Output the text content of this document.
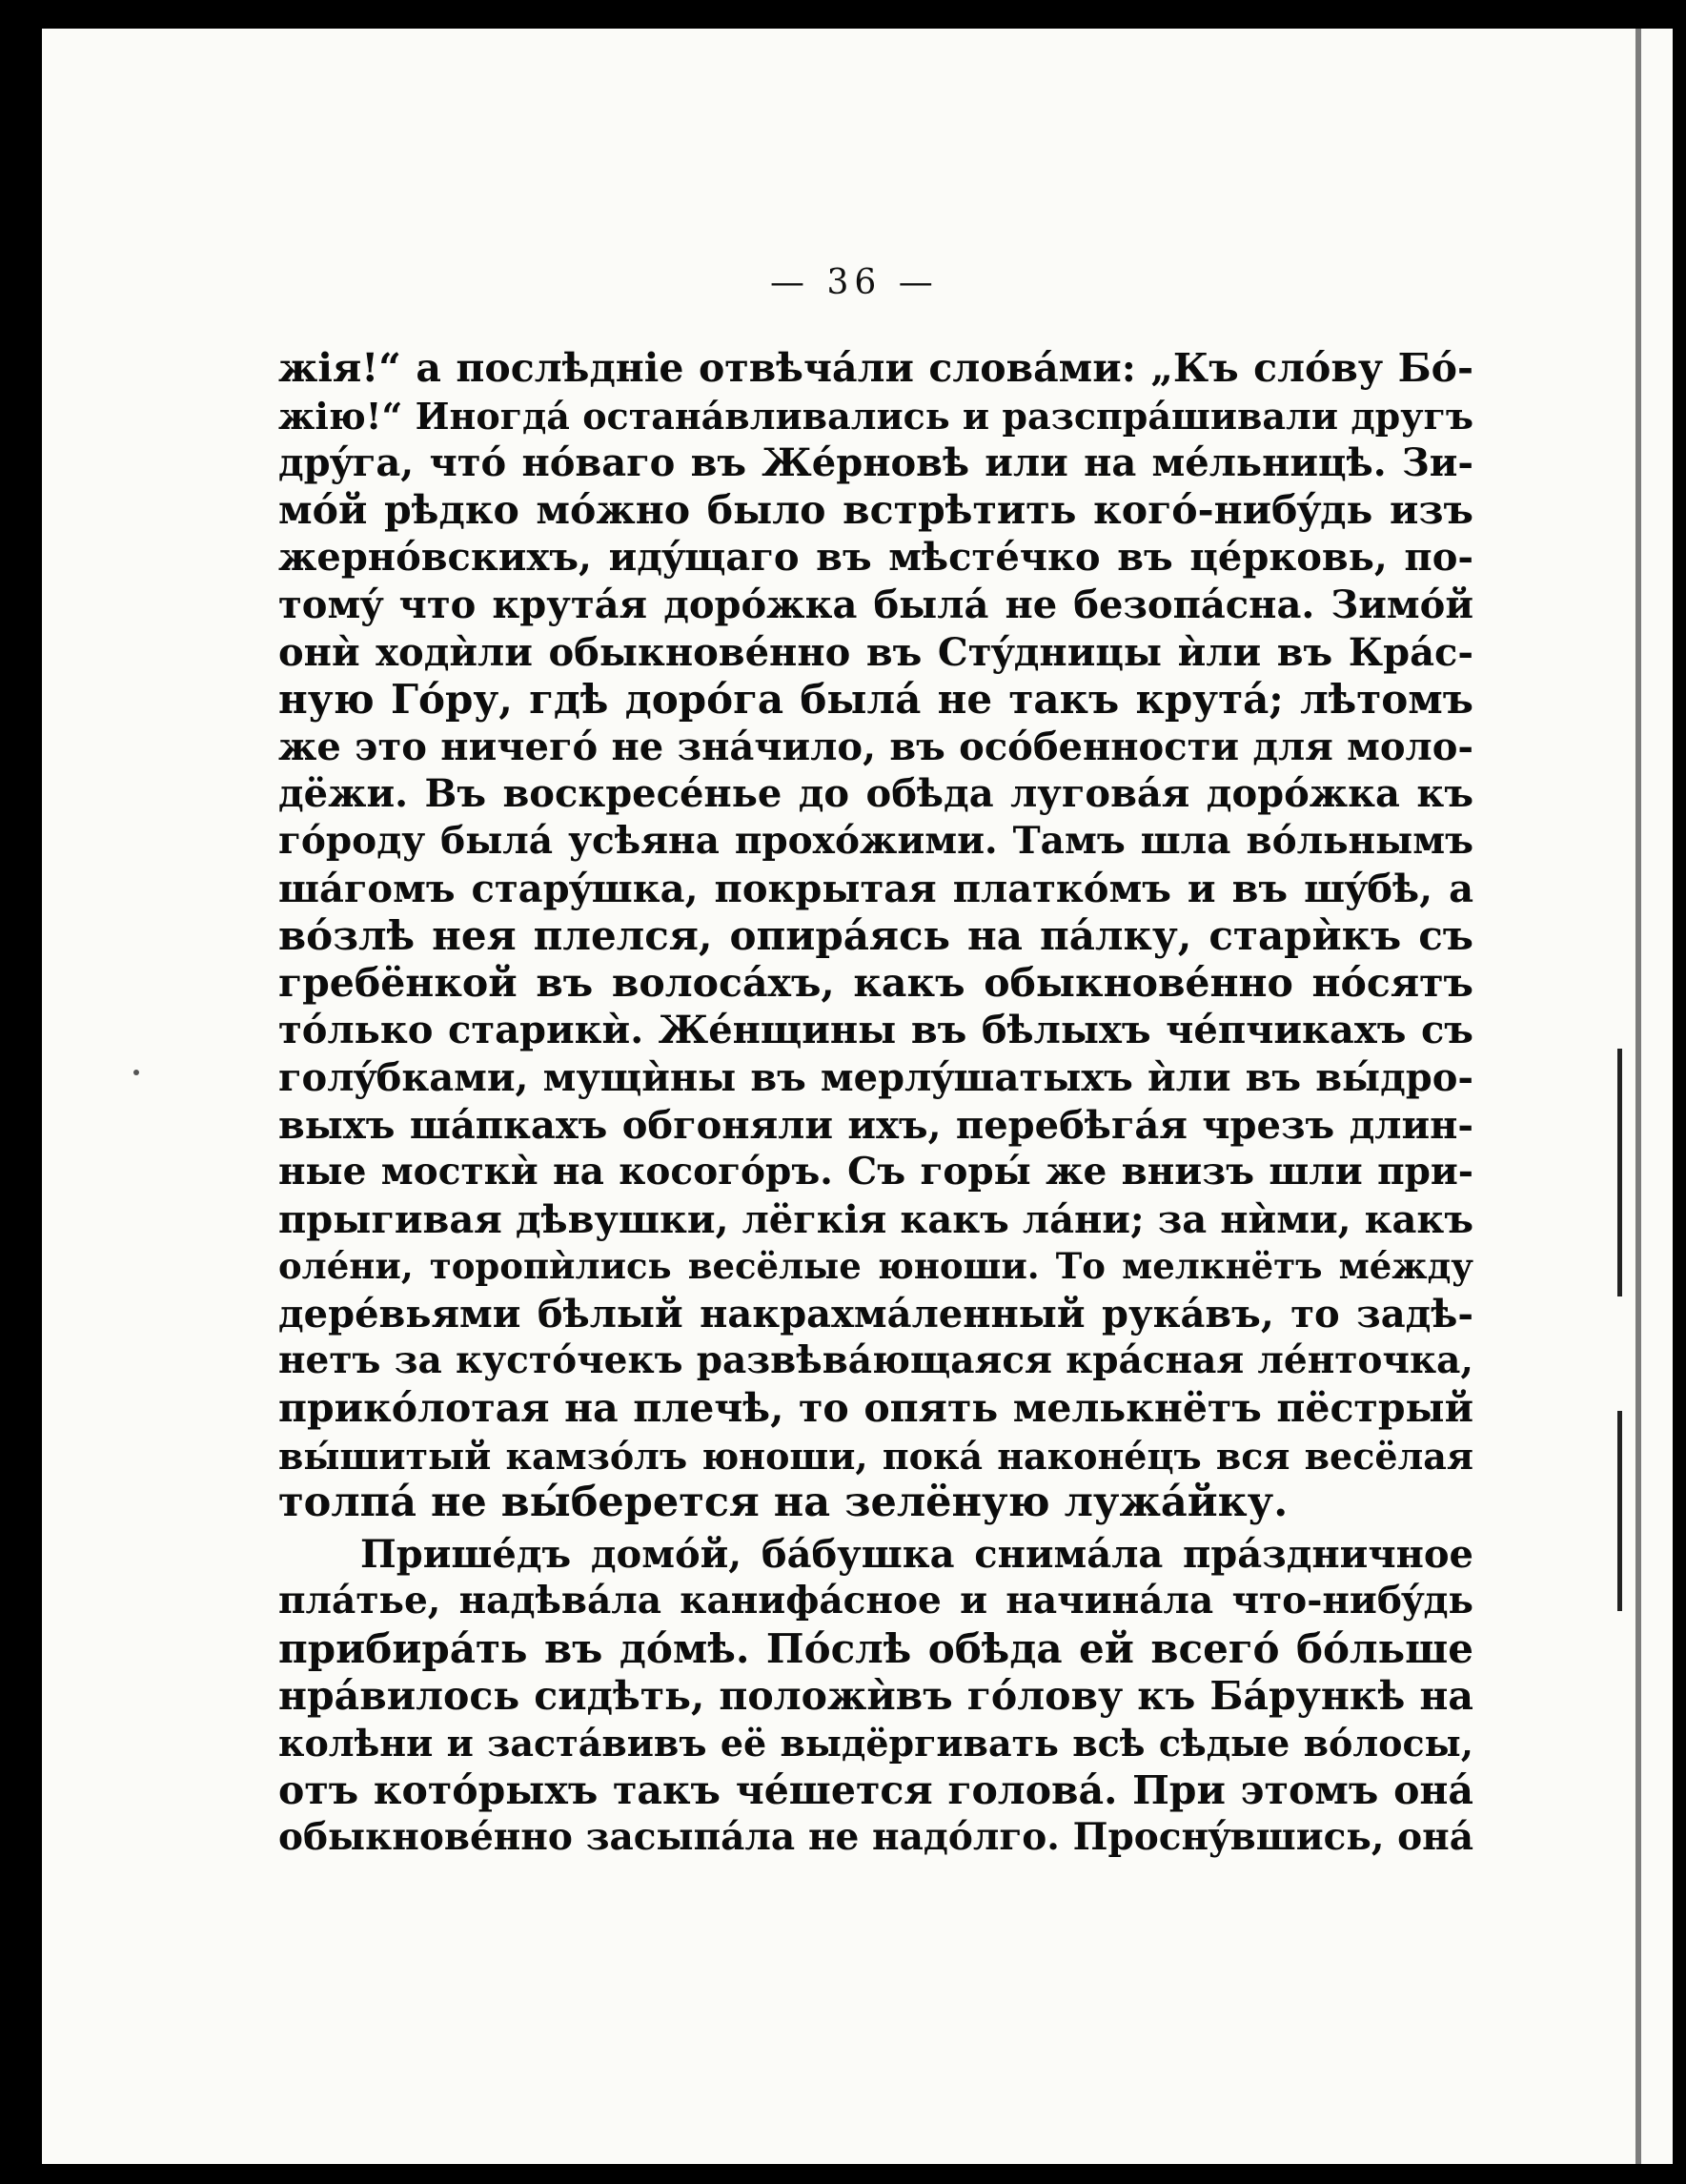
— 36 —
жія!“ а послѣдніе отвѣчáли словáми: „Къ слóву Бó-
жію!“ Иногдá останáвливались и разспрáшивали другъ
дрýга, чтó нóваго въ Жéрновѣ или на мéльницѣ. Зи-
мóй рѣдко мóжно было встрѣтить когó-нибýдь изъ
жернóвскихъ, идýщаго въ мѣстéчко въ цéрковь, по-
томý что крутáя дорóжка былá не безопáсна. Зимóй
онѝ ходѝли обыкновéнно въ Стýдницы ѝли въ Крáс-
ную Гóру, гдѣ дорóга былá не такъ крутá; лѣтомъ
же это ничегó не знáчило, въ осóбенности для моло-
дёжи. Въ воскресéнье до обѣда луговáя дорóжка къ
гóроду былá усѣяна прохóжими. Тамъ шла вóльнымъ
шáгомъ старýшка, покрытая платкóмъ и въ шýбѣ, а
вóзлѣ нея плелся, опирáясь на пáлку, старѝкъ съ
гребёнкой въ волосáхъ, какъ обыкновéнно нóсятъ
тóлько старикѝ. Жéнщины въ бѣлыхъ чéпчикахъ съ
голýбками, мущѝны въ мерлýшатыхъ ѝли въ вы́дро-
выхъ шáпкахъ обгоняли ихъ, перебѣгáя чрезъ длин-
ные мосткѝ на косогóръ. Съ горы́ же внизъ шли при-
прыгивая дѣвушки, лёгкія какъ лáни; за нѝми, какъ
олéни, торопѝлись весёлые юноши. То мелкнётъ мéжду
дерéвьями бѣлый накрахмáленный рукáвъ, то задѣ-
нетъ за кустóчекъ развѣвáющаяся крáсная лéнточка,
прикóлотая на плечѣ, то опять мелькнётъ пёстрый
вы́шитый камзóлъ юноши, покá наконéцъ вся весёлая
толпá не вы́берется на зелёную лужáйку.
Пришéдъ домóй, бáбушка снимáла прáздничное
плáтье, надѣвáла канифáсное и начинáла что-нибýдь
прибирáть въ дóмѣ. Пóслѣ обѣда ей всегó бóльше
нрáвилось сидѣть, положѝвъ гóлову къ Бáрункѣ на
колѣни и застáвивъ её выдёргивать всѣ сѣдые вóлосы,
отъ котóрыхъ такъ чéшется головá. При этомъ онá
обыкновéнно засыпáла не надóлго. Проснýвшись, онá
